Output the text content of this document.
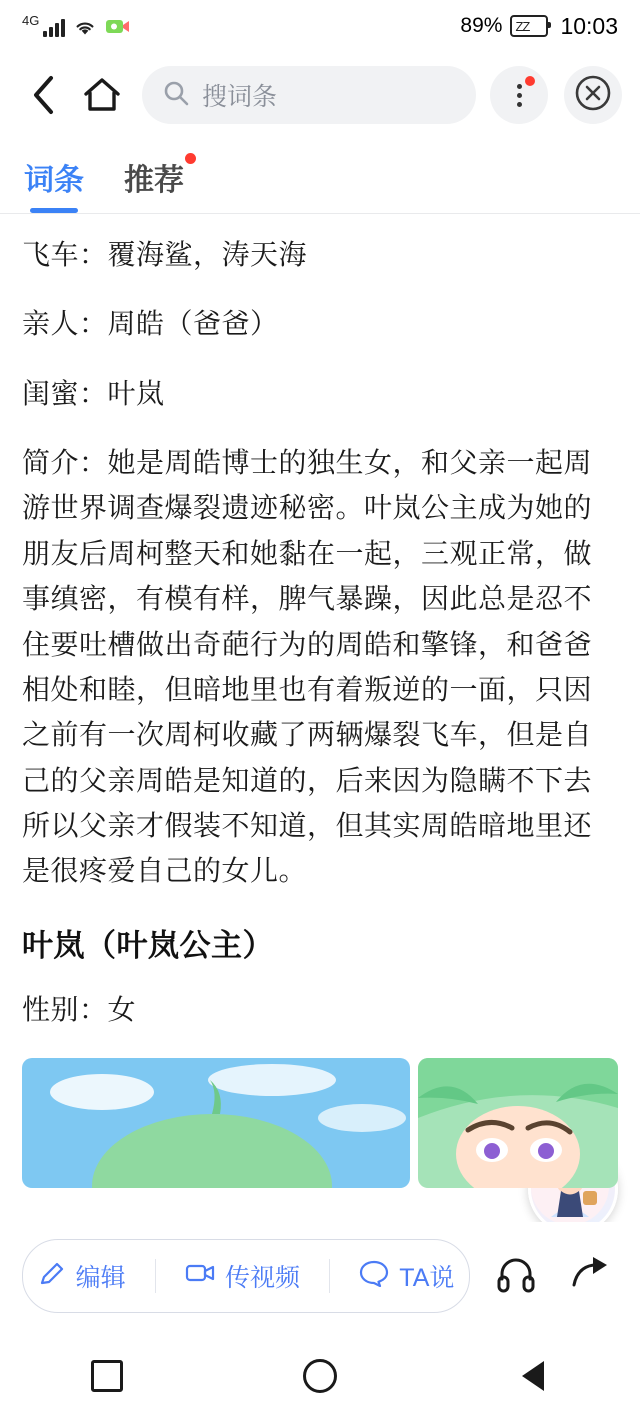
4G	89% ZZ 10:03
搜词条
词条 推荐

飞车：覆海鲨，涛天海

亲人：周皓（爸爸）

闺蜜：叶岚

简介：她是周皓博士的独生女，和父亲一起周游世界调查爆裂遗迹秘密。叶岚公主成为她的朋友后周柯整天和她黏在一起，三观正常，做事缜密，有模有样，脾气暴躁，因此总是忍不住要吐槽做出奇葩行为的周皓和擎锋，和爸爸相处和睦，但暗地里也有着叛逆的一面，只因之前有一次周柯收藏了两辆爆裂飞车，但是自己的父亲周皓是知道的，后来因为隐瞒不下去所以父亲才假装不知道，但其实周皓暗地里还是很疼爱自己的女儿。

叶岚（叶岚公主）

性别：女

编辑	传视频	TA说
